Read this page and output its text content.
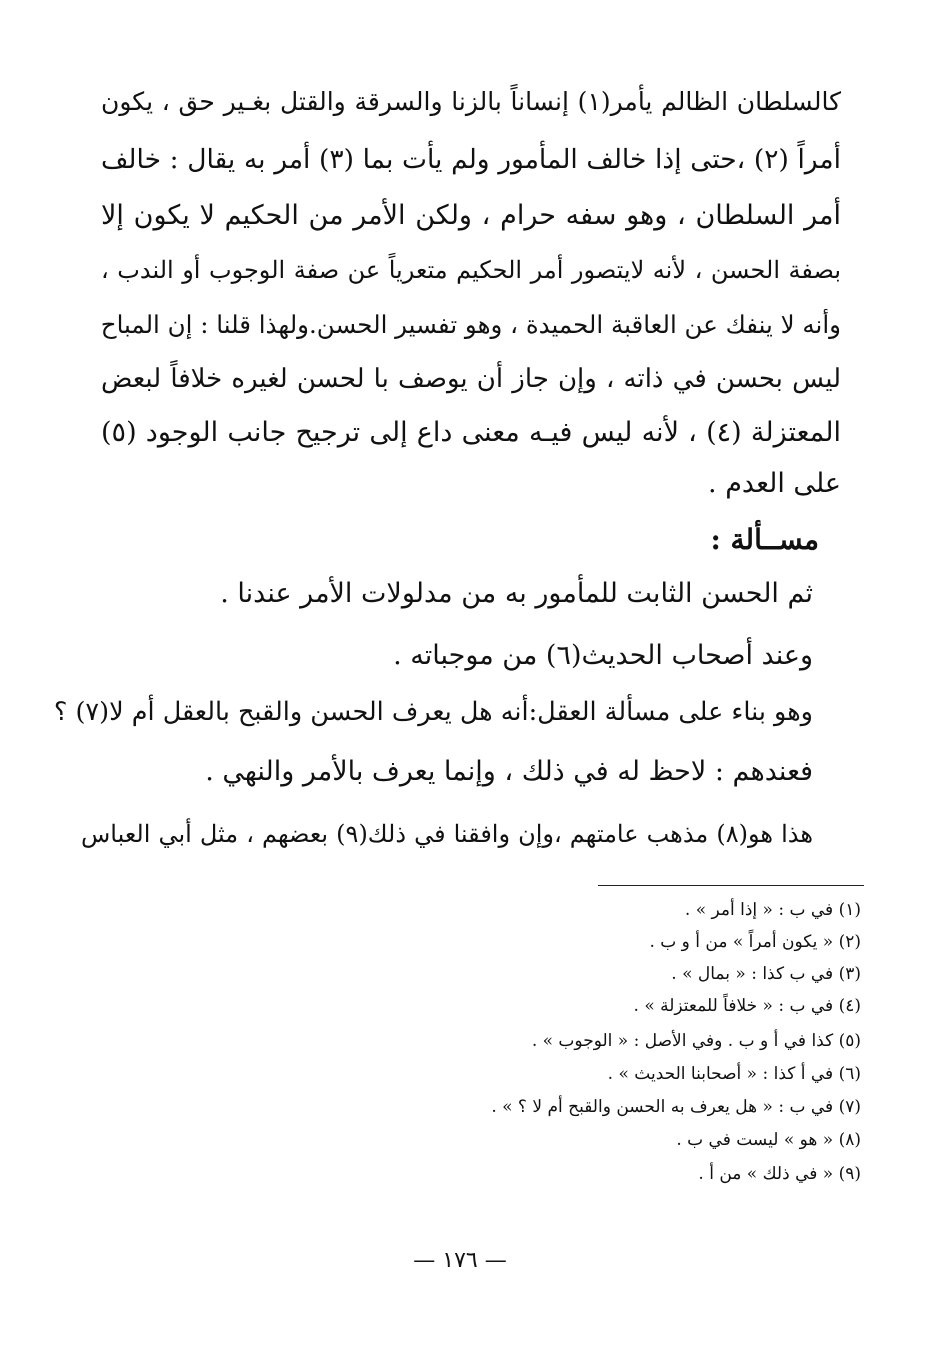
كالسلطان الظالم يأمر(١) إنساناً بالزنا والسرقة والقتل بغـير حق ، يكون
أمراً (٢) ،حتى إذا خالف المأمور ولم يأت بما (٣) أمر به يقال : خالف
أمر السلطان ، وهو سفه حرام ، ولكن الأمر من الحكيم لا يكون إلا
بصفة الحسن ، لأنه لايتصور أمر الحكيم متعرياً عن صفة الوجوب أو الندب ،
وأنه لا ينفك عن العاقبة الحميدة ، وهو تفسير الحسن.ولهذا قلنا : إن المباح
ليس بحسن في ذاته ، وإن جاز أن يوصف با لحسن لغيره خلافاً لبعض
المعتزلة (٤) ، لأنه ليس فيـه معنى داع إلى ترجيح جانب الوجود (٥)
على العدم .
مســألة :
ثم الحسن الثابت للمأمور به من مدلولات الأمر عندنا .
وعند أصحاب الحديث(٦) من موجباته .
وهو بناء على مسألة العقل:أنه هل يعرف الحسن والقبح بالعقل أم لا(٧) ؟
فعندهم : لاحظ له في ذلك ، وإنما يعرف بالأمر والنهي .
هذا هو(٨) مذهب عامتهم ،وإن وافقنا في ذلك(٩) بعضهم ، مثل أبي العباس
(١) في ب : « إذا أمر » .
(٢) « يكون أمراً » من أ و ب .
(٣) في ب كذا : « بمال » .
(٤) في ب : « خلافاً للمعتزلة » .
(٥) كذا في أ و ب . وفي الأصل : « الوجوب » .
(٦) في أ كذا : « أصحابنا الحديث » .
(٧) في ب : « هل يعرف به الحسن والقبح أم لا ؟ » .
(٨) « هو » ليست في ب .
(٩) « في ذلك » من أ .
— ١٧٦ —
